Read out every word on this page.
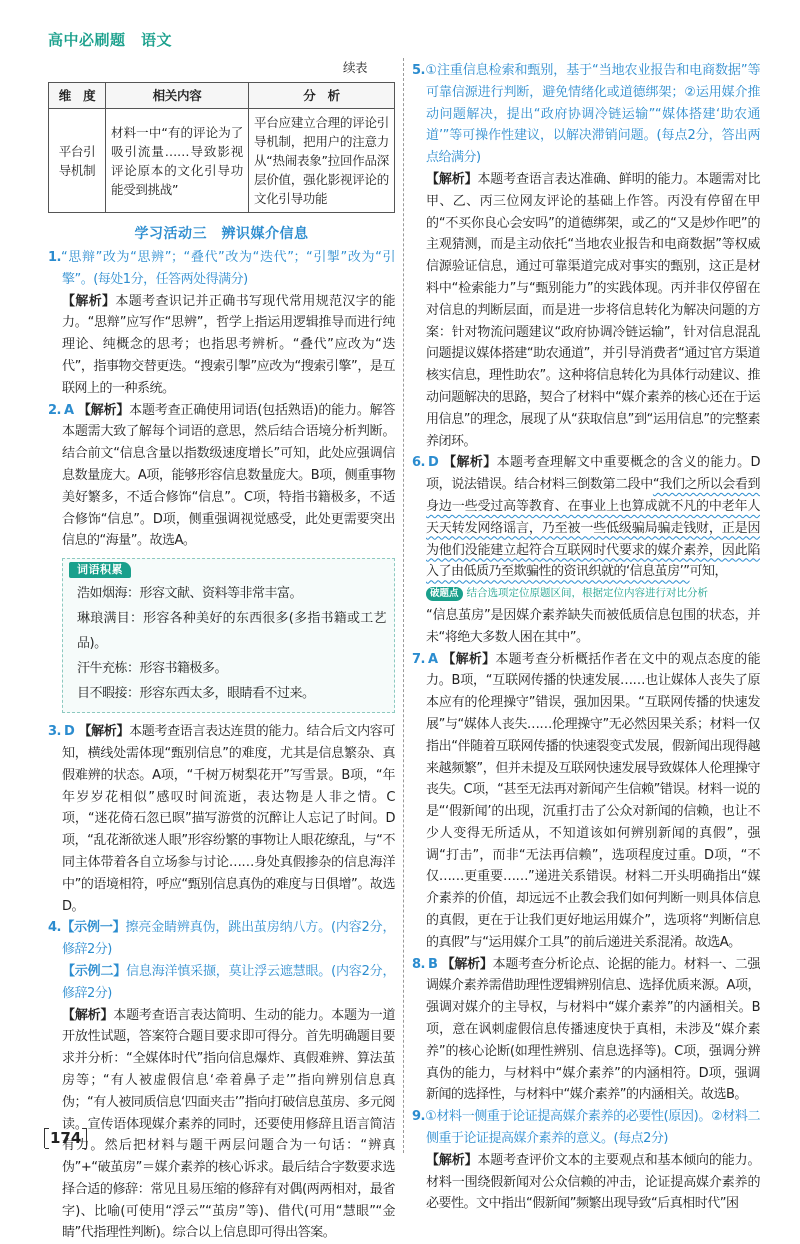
高中必刷题　语文

续表

维　度	相关内容	分　析
平台引导机制	材料一中“有的评论为了吸引流量……导致影视评论原本的文化引导功能受到挑战”	平台应建立合理的评论引导机制，把用户的注意力从“热闹表象”拉回作品深层价值，强化影视评论的文化引导功能
学习活动三　辨识媒介信息

1.“思辩”改为“思辨”；“叠代”改为“迭代”；“引掣”改为“引擎”。(每处1分，任答两处得满分)

【解析】本题考查识记并正确书写现代常用规范汉字的能力。“思辩”应写作“思辨”，哲学上指运用逻辑推导而进行纯理论、纯概念的思考；也指思考辨析。“叠代”应改为“迭代”，指事物交替更迭。“搜索引掣”应改为“搜索引擎”，是互联网上的一种系统。

2. A 【解析】本题考查正确使用词语(包括熟语)的能力。解答本题需大致了解每个词语的意思，然后结合语境分析判断。结合前文“信息含量以指数级速度增长”可知，此处应强调信息数量庞大。A项，能够形容信息数量庞大。B项，侧重事物美好繁多，不适合修饰“信息”。C项，特指书籍极多，不适合修饰“信息”。D项，侧重强调视觉感受，此处更需要突出信息的“海量”。故选A。

词语积累

浩如烟海：形容文献、资料等非常丰富。

琳琅满目：形容各种美好的东西很多(多指书籍或工艺品)。

汗牛充栋：形容书籍极多。

目不暇接：形容东西太多，眼睛看不过来。

3. D 【解析】本题考查语言表达连贯的能力。结合后文内容可知，横线处需体现“甄别信息”的难度，尤其是信息繁杂、真假难辨的状态。A项，“千树万树梨花开”写雪景。B项，“年年岁岁花相似”感叹时间流逝，表达物是人非之情。C项，“迷花倚石忽已暝”描写游赏的沉醉让人忘记了时间。D项，“乱花渐欲迷人眼”形容纷繁的事物让人眼花缭乱，与“不同主体带着各自立场参与讨论……身处真假掺杂的信息海洋中”的语境相符，呼应“甄别信息真伪的难度与日俱增”。故选D。

4.【示例一】擦亮金睛辨真伪，跳出茧房纳八方。(内容2分，修辞2分)

【示例二】信息海洋慎采撷，莫让浮云遮慧眼。(内容2分，修辞2分)

【解析】本题考查语言表达简明、生动的能力。本题为一道开放性试题，答案符合题目要求即可得分。首先明确题目要求并分析：“全媒体时代”指向信息爆炸、真假难辨、算法茧房等；“有人被虚假信息‘牵着鼻子走’”指向辨别信息真伪；“有人被同质信息‘四面夹击’”指向打破信息茧房、多元阅读。宣传语体现媒介素养的同时，还要使用修辞且语言简洁有力。然后把材料与题干两层问题合为一句话：“辨真伪”+“破茧房”＝媒介素养的核心诉求。最后结合字数要求选择合适的修辞：常见且易压缩的修辞有对偶(两两相对，最省字)、比喻(可使用“浮云”“茧房”等)、借代(可用“慧眼”“金睛”代指理性判断)。综合以上信息即可得出答案。

5.①注重信息检索和甄别，基于“当地农业报告和电商数据”等可靠信源进行判断，避免情绪化或道德绑架；②运用媒介推动问题解决，提出“政府协调冷链运输”“媒体搭建‘助农通道’”等可操作性建议，以解决滞销问题。(每点2分，答出两点给满分)

【解析】本题考查语言表达准确、鲜明的能力。本题需对比甲、乙、丙三位网友评论的基础上作答。丙没有停留在甲的“不买你良心会安吗”的道德绑架，或乙的“又是炒作吧”的主观猜测，而是主动依托“当地农业报告和电商数据”等权威信源验证信息，通过可靠渠道完成对事实的甄别，这正是材料中“检索能力”与“甄别能力”的实践体现。丙并非仅停留在对信息的判断层面，而是进一步将信息转化为解决问题的方案：针对物流问题建议“政府协调冷链运输”，针对信息混乱问题提议媒体搭建“助农通道”，并引导消费者“通过官方渠道核实信息，理性助农”。这种将信息转化为具体行动建议、推动问题解决的思路，契合了材料中“媒介素养的核心还在于运用信息”的理念，展现了从“获取信息”到“运用信息”的完整素养闭环。

6. D 【解析】本题考查理解文中重要概念的含义的能力。D项，说法错误。结合材料三倒数第二段中“我们之所以会看到身边一些受过高等教育、在事业上也算成就不凡的中老年人天天转发网络谣言，乃至被一些低级骗局骗走钱财，正是因为他们没能建立起符合互联网时代要求的媒介素养，因此陷入了由低质乃至欺骗性的资讯织就的‘信息茧房’”可知，

破题点 结合选项定位原题区间，根据定位内容进行对比分析

“信息茧房”是因媒介素养缺失而被低质信息包围的状态，并未“将绝大多数人困在其中”。

7. A 【解析】本题考查分析概括作者在文中的观点态度的能力。B项，“互联网传播的快速发展……也让媒体人丧失了原本应有的伦理操守”错误，强加因果。“互联网传播的快速发展”与“媒体人丧失……伦理操守”无必然因果关系；材料一仅指出“伴随着互联网传播的快速裂变式发展，假新闻出现得越来越频繁”，但并未提及互联网快速发展导致媒体人伦理操守丧失。C项，“甚至无法再对新闻产生信赖”错误。材料一说的是“‘假新闻’的出现，沉重打击了公众对新闻的信赖，也让不少人变得无所适从，不知道该如何辨别新闻的真假”，强调“打击”，而非“无法再信赖”，选项程度过重。D项，“不仅……更重要……”递进关系错误。材料二开头明确指出“媒介素养的价值，却远远不止教会我们如何判断一则具体信息的真假，更在于让我们更好地运用媒介”，选项将“判断信息的真假”与“运用媒介工具”的前后递进关系混淆。故选A。

8. B 【解析】本题考查分析论点、论据的能力。材料一、二强调媒介素养需借助理性逻辑辨别信息、选择优质来源。A项，强调对媒介的主导权，与材料中“媒介素养”的内涵相关。B项，意在讽刺虚假信息传播速度快于真相，未涉及“媒介素养”的核心论断(如理性辨别、信息选择等)。C项，强调分辨真伪的能力，与材料中“媒介素养”的内涵相符。D项，强调新闻的选择性，与材料中“媒介素养”的内涵相关。故选B。

9.①材料一侧重于论证提高媒介素养的必要性(原因)。②材料二侧重于论证提高媒介素养的意义。(每点2分)

【解析】本题考查评价文本的主要观点和基本倾向的能力。材料一围绕假新闻对公众信赖的冲击，论证提高媒介素养的必要性。文中指出“假新闻”频繁出现导致“后真相时代”困

174
